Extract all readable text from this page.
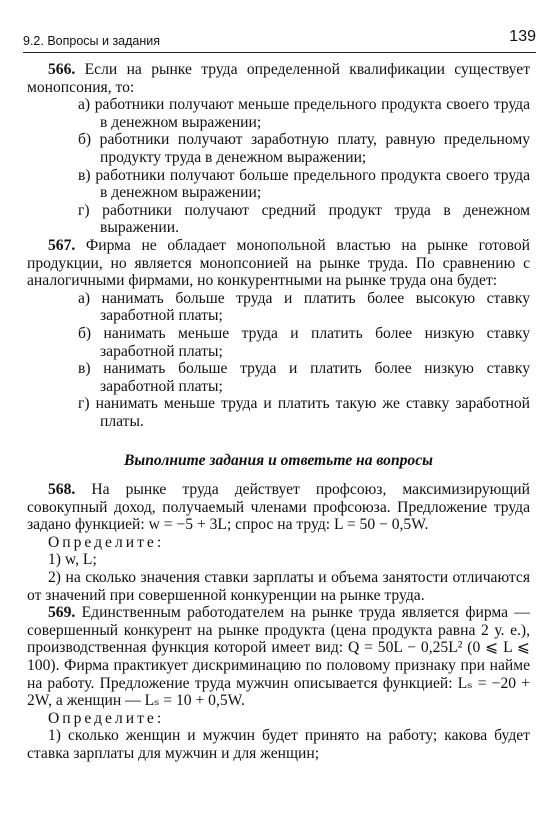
9.2. Вопросы и задания	139

566. Если на рынке труда определенной квалификации существует монопсония, то:

а) работники получают меньше предельного продукта своего труда в денежном выражении;

б) работники получают заработную плату, равную предельному продукту труда в денежном выражении;

в) работники получают больше предельного продукта своего труда в денежном выражении;

г) работники получают средний продукт труда в денежном выражении.

567. Фирма не обладает монопольной властью на рынке готовой продукции, но является монопсонией на рынке труда. По сравнению с аналогичными фирмами, но конкурентными на рынке труда она будет:

а) нанимать больше труда и платить более высокую ставку заработной платы;

б) нанимать меньше труда и платить более низкую ставку заработной платы;

в) нанимать больше труда и платить более низкую ставку заработной платы;

г) нанимать меньше труда и платить такую же ставку заработной платы.

Выполните задания и ответьте на вопросы

568. На рынке труда действует профсоюз, максимизирующий совокупный доход, получаемый членами профсоюза. Предложение труда задано функцией: w = −5 + 3L; спрос на труд: L = 50 − 0,5W.

Определите:

1) w, L;

2) на сколько значения ставки зарплаты и объема занятости отличаются от значений при совершенной конкуренции на рынке труда.

569. Единственным работодателем на рынке труда является фирма — совершенный конкурент на рынке продукта (цена продукта равна 2 у. е.), производственная функция которой имеет вид: Q = 50L − 0,25L² (0 ⩽ L ⩽ 100). Фирма практикует дискриминацию по половому признаку при найме на работу. Предложение труда мужчин описывается функцией: Lₛ = −20 + 2W, а женщин — Lₛ = 10 + 0,5W.

Определите:

1) сколько женщин и мужчин будет принято на работу; какова будет ставка зарплаты для мужчин и для женщин;
